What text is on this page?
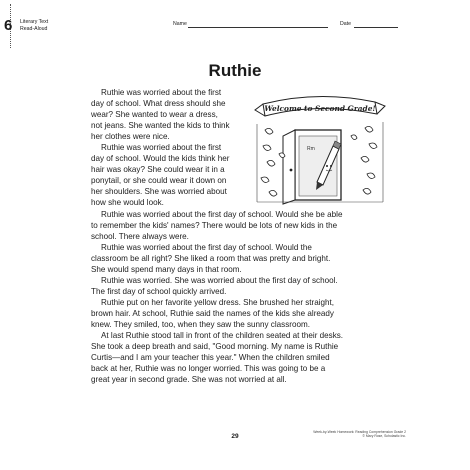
6 Literary Text
Read-Aloud
Name	Date
Ruthie
Welcome to Second Grade!
Rm

Ruthie was worried about the first
day of school. What dress should she
wear? She wanted to wear a dress,
not jeans. She wanted the kids to think
her clothes were nice.

Ruthie was worried about the first
day of school. Would the kids think her
hair was okay? She could wear it in a
ponytail, or she could wear it down on
her shoulders. She was worried about
how she would look.

Ruthie was worried about the first day of school. Would she be able
to remember the kids' names? There would be lots of new kids in the
school. There always were.

Ruthie was worried about the first day of school. Would the
classroom be all right? She liked a room that was pretty and bright.
She would spend many days in that room.

Ruthie was worried. She was worried about the first day of school.
The first day of school quickly arrived.

Ruthie put on her favorite yellow dress. She brushed her straight,
brown hair. At school, Ruthie said the names of the kids she already
knew. They smiled, too, when they saw the sunny classroom.

At last Ruthie stood tall in front of the children seated at their desks.
She took a deep breath and said, "Good morning. My name is Ruthie
Curtis—and I am your teacher this year." When the children smiled
back at her, Ruthie was no longer worried. This was going to be a
great year in second grade. She was not worried at all.

29
Week-by-Week Homework: Reading Comprehension Grade 2
© Mary Rose, Scholastic Inc.
